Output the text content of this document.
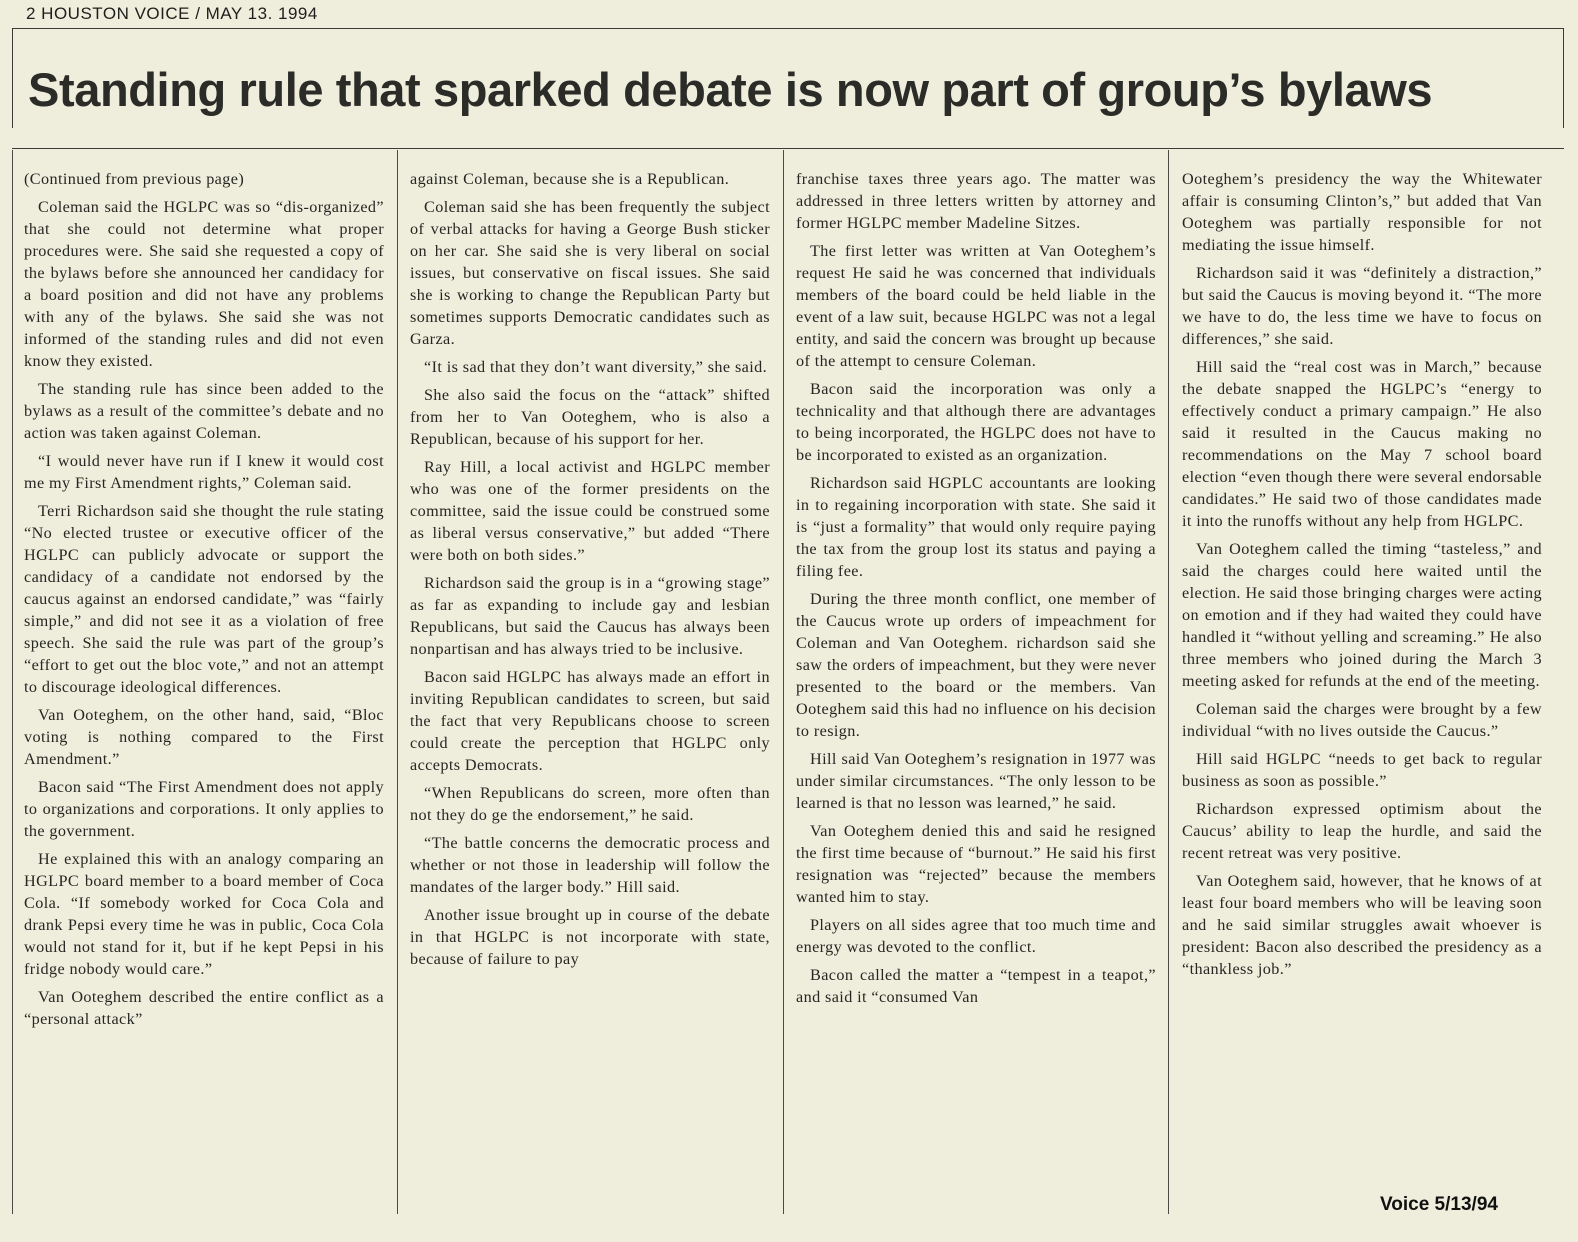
2 HOUSTON VOICE / MAY 13. 1994
Standing rule that sparked debate is now part of group’s bylaws

(Continued from previous page)

Coleman said the HGLPC was so “dis-organized” that she could not determine what proper procedures were. She said she requested a copy of the bylaws before she announced her candidacy for a board position and did not have any problems with any of the bylaws. She said she was not informed of the standing rules and did not even know they existed.

The standing rule has since been added to the bylaws as a result of the committee’s debate and no action was taken against Coleman.

“I would never have run if I knew it would cost me my First Amendment rights,” Coleman said.

Terri Richardson said she thought the rule stating “No elected trustee or executive officer of the HGLPC can publicly advocate or support the candidacy of a candidate not endorsed by the caucus against an endorsed candidate,” was “fairly simple,” and did not see it as a violation of free speech. She said the rule was part of the group’s “effort to get out the bloc vote,” and not an attempt to discourage ideological differences.

Van Ooteghem, on the other hand, said, “Bloc voting is nothing compared to the First Amendment.”

Bacon said “The First Amendment does not apply to organizations and corporations. It only applies to the government.

He explained this with an analogy comparing an HGLPC board member to a board member of Coca Cola. “If somebody worked for Coca Cola and drank Pepsi every time he was in public, Coca Cola would not stand for it, but if he kept Pepsi in his fridge nobody would care.”

Van Ooteghem described the entire conflict as a “personal attack”

against Coleman, because she is a Republican.

Coleman said she has been frequently the subject of verbal attacks for having a George Bush sticker on her car. She said she is very liberal on social issues, but conservative on fiscal issues. She said she is working to change the Republican Party but sometimes supports Democratic candidates such as Garza.

“It is sad that they don’t want diversity,” she said.

She also said the focus on the “attack” shifted from her to Van Ooteghem, who is also a Republican, because of his support for her.

Ray Hill, a local activist and HGLPC member who was one of the former presidents on the committee, said the issue could be construed some as liberal versus conservative,” but added “There were both on both sides.”

Richardson said the group is in a “growing stage” as far as expanding to include gay and lesbian Republicans, but said the Caucus has always been nonpartisan and has always tried to be inclusive.

Bacon said HGLPC has always made an effort in inviting Republican candidates to screen, but said the fact that very Republicans choose to screen could create the perception that HGLPC only accepts Democrats.

“When Republicans do screen, more often than not they do ge the endorsement,” he said.

“The battle concerns the democratic process and whether or not those in leadership will follow the mandates of the larger body.” Hill said.

Another issue brought up in course of the debate in that HGLPC is not incorporate with state, because of failure to pay

franchise taxes three years ago. The matter was addressed in three letters written by attorney and former HGLPC member Madeline Sitzes.

The first letter was written at Van Ooteghem’s request He said he was concerned that individuals members of the board could be held liable in the event of a law suit, because HGLPC was not a legal entity, and said the concern was brought up because of the attempt to censure Coleman.

Bacon said the incorporation was only a technicality and that although there are advantages to being incorporated, the HGLPC does not have to be incorporated to existed as an organization.

Richardson said HGPLC accountants are looking in to regaining incorporation with state. She said it is “just a formality” that would only require paying the tax from the group lost its status and paying a filing fee.

During the three month conflict, one member of the Caucus wrote up orders of impeachment for Coleman and Van Ooteghem. richardson said she saw the orders of impeachment, but they were never presented to the board or the members. Van Ooteghem said this had no influence on his decision to resign.

Hill said Van Ooteghem’s resignation in 1977 was under similar circumstances. “The only lesson to be learned is that no lesson was learned,” he said.

Van Ooteghem denied this and said he resigned the first time because of “burnout.” He said his first resignation was “rejected” because the members wanted him to stay.

Players on all sides agree that too much time and energy was devoted to the conflict.

Bacon called the matter a “tempest in a teapot,” and said it “consumed Van

Ooteghem’s presidency the way the Whitewater affair is consuming Clinton’s,” but added that Van Ooteghem was partially responsible for not mediating the issue himself.

Richardson said it was “definitely a distraction,” but said the Caucus is moving beyond it. “The more we have to do, the less time we have to focus on differences,” she said.

Hill said the “real cost was in March,” because the debate snapped the HGLPC’s “energy to effectively conduct a primary campaign.” He also said it resulted in the Caucus making no recommendations on the May 7 school board election “even though there were several endorsable candidates.” He said two of those candidates made it into the runoffs without any help from HGLPC.

Van Ooteghem called the timing “tasteless,” and said the charges could here waited until the election. He said those bringing charges were acting on emotion and if they had waited they could have handled it “without yelling and screaming.” He also three members who joined during the March 3 meeting asked for refunds at the end of the meeting.

Coleman said the charges were brought by a few individual “with no lives outside the Caucus.”

Hill said HGLPC “needs to get back to regular business as soon as possible.”

Richardson expressed optimism about the Caucus’ ability to leap the hurdle, and said the recent retreat was very positive.

Van Ooteghem said, however, that he knows of at least four board members who will be leaving soon and he said similar struggles await whoever is president: Bacon also described the presidency as a “thankless job.”

Voice 5/13/94
